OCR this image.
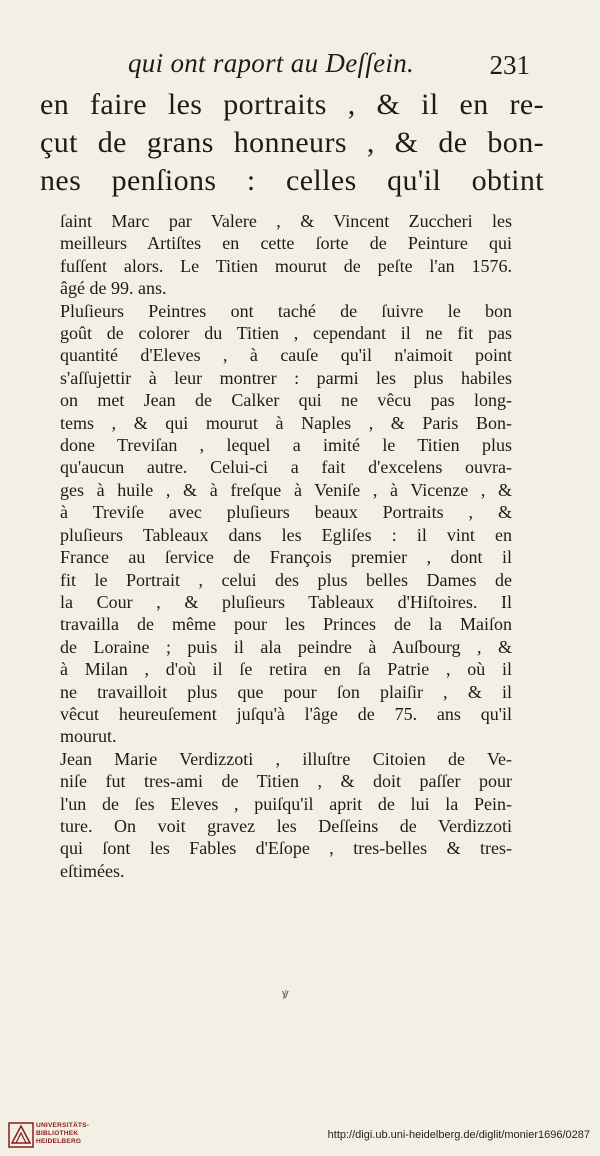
qui ont raport au Deſſein.	231
en faire les portraits , & il en re-
çut de grans honneurs , & de bon-
nes penſions : celles qu'il obtint
ſaint Marc par Valere , & Vincent Zuccheri les
meilleurs Artiſtes en cette ſorte de Peinture qui
fuſſent alors. Le Titien mourut de peſte l'an 1576.
âgé de 99. ans.
Pluſieurs Peintres ont taché de ſuivre le bon
goût de colorer du Titien , cependant il ne fit pas
quantité d'Eleves , à cauſe qu'il n'aimoit point
s'aſſujettir à leur montrer : parmi les plus habiles
on met Jean de Calker qui ne vêcu pas long-
tems , & qui mourut à Naples , & Paris Bon-
done Treviſan , lequel a imité le Titien plus
qu'aucun autre. Celui-ci a fait d'excelens ouvra-
ges à huile , & à freſque à Veniſe , à Vicenze , &
à Treviſe avec pluſieurs beaux Portraits , &
pluſieurs Tableaux dans les Egliſes : il vint en
France au ſervice de François premier , dont il
fit le Portrait , celui des plus belles Dames de
la Cour , & pluſieurs Tableaux d'Hiſtoires. Il
travailla de même pour les Princes de la Maiſon
de Loraine ; puis il ala peindre à Auſbourg , &
à Milan , d'où il ſe retira en ſa Patrie , où il
ne travailloit plus que pour ſon plaiſir , & il
vêcut heureuſement juſqu'à l'âge de 75. ans qu'il
mourut.
Jean Marie Verdizzoti , illuſtre Citoien de Ve-
niſe fut tres-ami de Titien , & doit paſſer pour
l'un de ſes Eleves , puiſqu'il aprit de lui la Pein-
ture. On voit gravez les Deſſeins de Verdizzoti
qui ſont les Fables d'Eſope , tres-belles & tres-
eſtimées.
ꝟ
UNIVERSITÄTS-
BIBLIOTHEK
HEIDELBERG
http://digi.ub.uni-heidelberg.de/diglit/monier1696/0287
